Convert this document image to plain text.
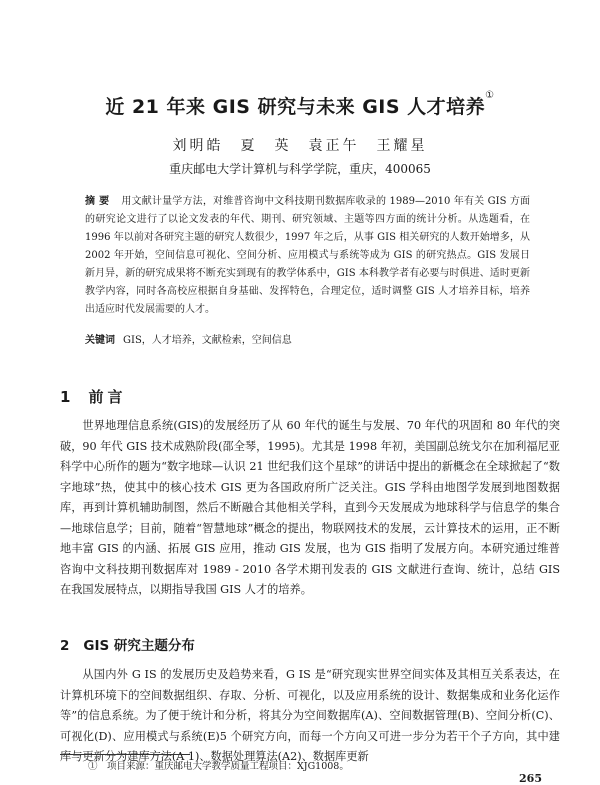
近 21 年来 GIS 研究与未来 GIS 人才培养①
刘明皓　夏　英　袁正午　王耀星
重庆邮电大学计算机与科学学院，重庆，400065
摘要 用文献计量学方法，对维普咨询中文科技期刊数据库收录的 1989—2010 年有关 GIS 方面的研究论文进行了以论文发表的年代、期刊、研究领域、主题等四方面的统计分析。从选题看，在 1996 年以前对各研究主题的研究人数很少，1997 年之后，从事 GIS 相关研究的人数开始增多，从 2002 年开始，空间信息可视化、空间分析、应用模式与系统等成为 GIS 的研究热点。GIS 发展日新月异，新的研究成果将不断充实到现有的教学体系中，GIS 本科教学者有必要与时俱进、适时更新教学内容，同时各高校应根据自身基础、发挥特色，合理定位，适时调整 GIS 人才培养目标，培养出适应时代发展需要的人才。
关键词 GIS，人才培养，文献检索，空间信息
1 前言
世界地理信息系统(GIS)的发展经历了从 60 年代的诞生与发展、70 年代的巩固和 80 年代的突破，90 年代 GIS 技术成熟阶段(邵全琴，1995)。尤其是 1998 年初，美国副总统戈尔在加利福尼亚科学中心所作的题为“数字地球—认识 21 世纪我们这个星球”的讲话中提出的新概念在全球掀起了“数字地球”热，使其中的核心技术 GIS 更为各国政府所广泛关注。GIS 学科由地图学发展到地图数据库，再到计算机辅助制图，然后不断融合其他相关学科，直到今天发展成为地球科学与信息学的集合—地球信息学；目前，随着“智慧地球”概念的提出，物联网技术的发展，云计算技术的运用，正不断地丰富 GIS 的内涵、拓展 GIS 应用，推动 GIS 发展，也为 GIS 指明了发展方向。本研究通过维普咨询中文科技期刊数据库对 1989 - 2010 各学术期刊发表的 GIS 文献进行查询、统计，总结 GIS 在我国发展特点，以期指导我国 GIS 人才的培养。
2 GIS 研究主题分布
从国内外 G IS 的发展历史及趋势来看，G IS 是“研究现实世界空间实体及其相互关系表达，在计算机环境下的空间数据组织、存取、分析、可视化，以及应用系统的设计、数据集成和业务化运作等”的信息系统。为了便于统计和分析，将其分为空间数据库(A)、空间数据管理(B)、空间分析(C)、可视化(D)、应用模式与系统(E)5 个研究方向，而每一个方向又可进一步分为若干个子方向，其中建库与更新分为建库方法(A 1)、数据处理算法(A2)、数据库更新
①　项目来源：重庆邮电大学教学质量工程项目：XJG1008。
265
